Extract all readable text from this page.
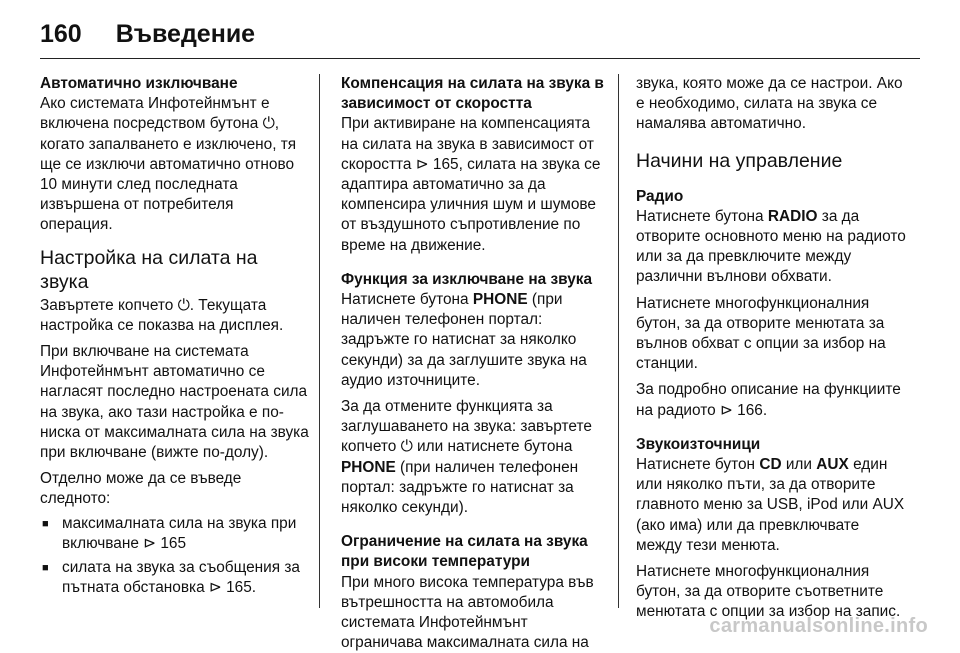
160 Въведение

Автоматично изключване

Ако системата Инфотейнмънт е включена посредством бутона ⏻, когато запалването е изключено, тя ще се изключи автоматично отново 10 минути след последната извършена от потребителя операция.

Настройка на силата на звука

Завъртете копчето ⏻. Текущата настройка се показва на дисплея.

При включване на системата Инфотейнмънт автоматично се нагласят последно настроената сила на звука, ако тази настройка е по-ниска от максималната сила на звука при включване (вижте по-долу).

Отделно може да се въведе следното:

■ максималната сила на звука при включване ⊳ 165
■ силата на звука за съобщения за пътната обстановка ⊳ 165.

Компенсация на силата на звука в зависимост от скоростта

При активиране на компенсацията на силата на звука в зависимост от скоростта ⊳ 165, силата на звука се адаптира автоматично за да компенсира уличния шум и шумове от въздушното съпротивление по време на движение.

Функция за изключване на звука

Натиснете бутона PHONE (при наличен телефонен портал: задръжте го натиснат за няколко секунди) за да заглушите звука на аудио източниците.

За да отмените функцията за заглушаването на звука: завъртете копчето ⏻ или натиснете бутона PHONE (при наличен телефонен портал: задръжте го натиснат за няколко секунди).

Ограничение на силата на звука при високи температури

При много висока температура във вътрешността на автомобила системата Инфотейнмънт ограничава максималната сила на

звука, която може да се настрои. Ако е необходимо, силата на звука се намалява автоматично.

Начини на управление

Радио

Натиснете бутона RADIO за да отворите основното меню на радиото или за да превключите между различни вълнови обхвати.

Натиснете многофункционалния бутон, за да отворите менютата за вълнов обхват с опции за избор на станции.

За подробно описание на функциите на радиото ⊳ 166.

Звукоизточници

Натиснете бутон CD или AUX един или няколко пъти, за да отворите главното меню за USB, iPod или AUX (ако има) или да превключвате между тези менюта.

Натиснете многофункционалния бутон, за да отворите съответните менютата с опции за избор на запис.

carmanualsonline.info
